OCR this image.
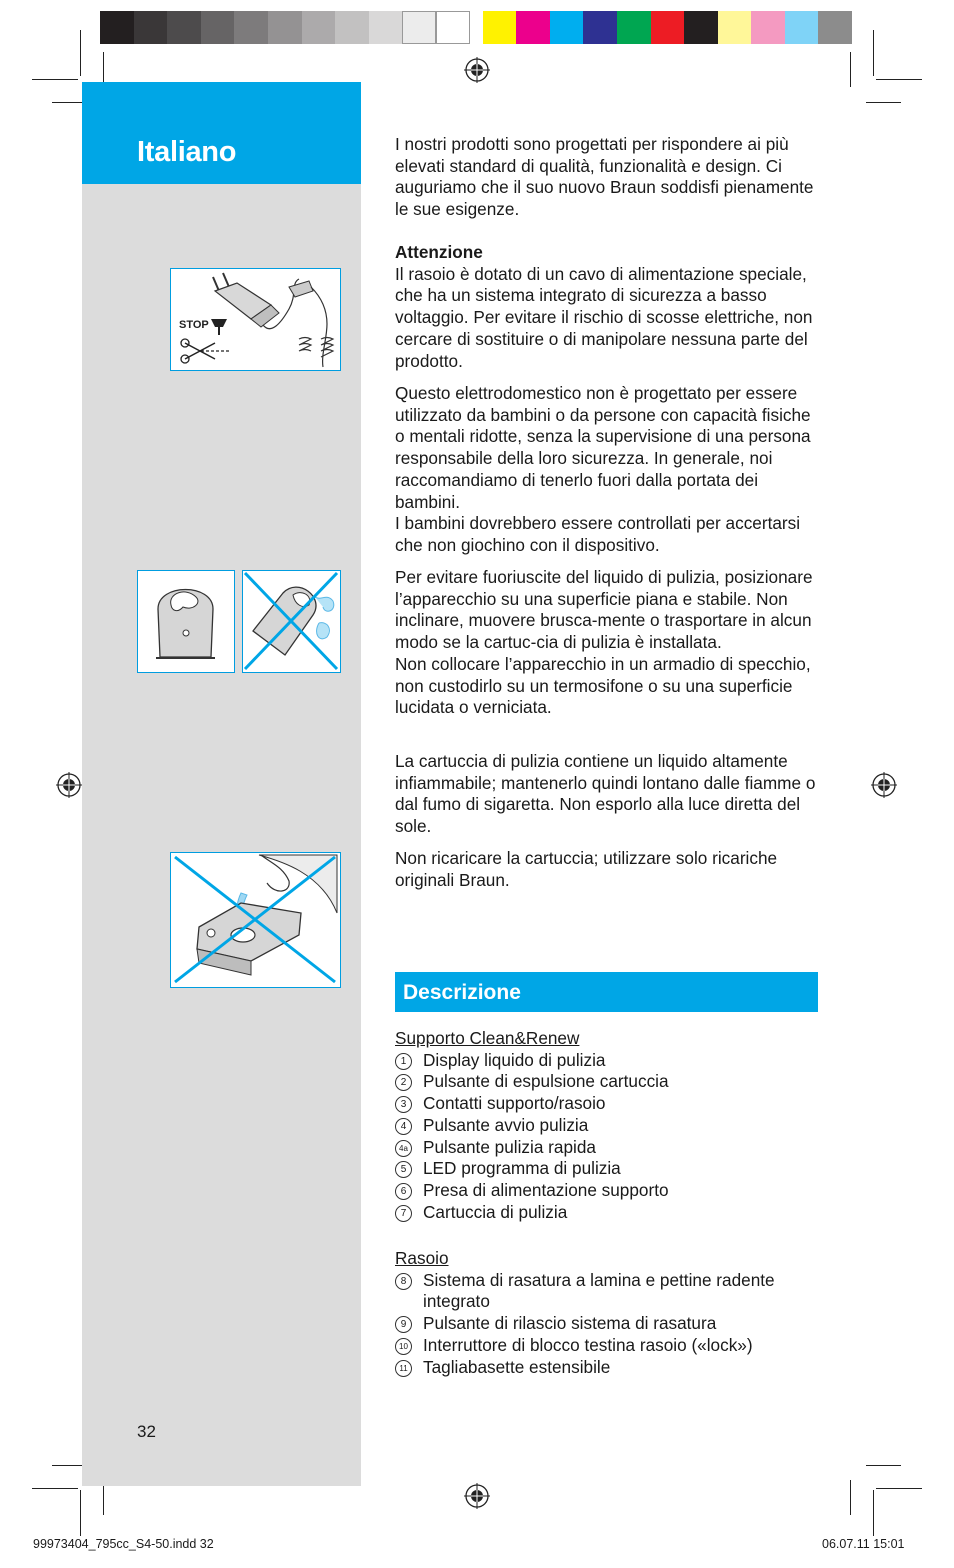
Italiano
STOP

I nostri prodotti sono progettati per rispondere ai più elevati standard di qualità, funzionalità e design. Ci auguriamo che il suo nuovo Braun soddisfi pienamente le sue esigenze.

Attenzione

Il rasoio è dotato di un cavo di alimentazione speciale, che ha un sistema integrato di sicurezza a basso voltaggio. Per evitare il rischio di scosse elettriche, non cercare di sostituire o di manipolare nessuna parte del prodotto.

Questo elettrodomestico non è progettato per essere utilizzato da bambini o da persone con capacità fisiche o mentali ridotte, senza la supervisione di una persona responsabile della loro sicurezza. In generale, noi raccomandiamo di tenerlo fuori dalla portata dei bambini.

I bambini dovrebbero essere controllati per accertarsi che non giochino con il dispositivo.

Per evitare fuoriuscite del liquido di pulizia, posizionare l’apparecchio su una superficie piana e stabile. Non inclinare, muovere brusca-mente o trasportare in alcun modo se la cartuc-cia di pulizia è installata.

Non collocare l’apparecchio in un armadio di specchio, non custodirlo su un termosifone o su una superficie lucidata o verniciata.

La cartuccia di pulizia contiene un liquido altamente infiammabile; mantenerlo quindi lontano dalle fiamme o dal fumo di sigaretta. Non esporlo alla luce diretta del sole.

Non ricaricare la cartuccia; utilizzare solo ricariche originali Braun.

Descrizione
Supporto Clean&Renew
1 Display liquido di pulizia
2 Pulsante di espulsione cartuccia
3 Contatti supporto/rasoio
4 Pulsante avvio pulizia
4a Pulsante pulizia rapida
5 LED programma di pulizia
6 Presa di alimentazione supporto
7 Cartuccia di pulizia
Rasoio
8 Sistema di rasatura a lamina e pettine radente integrato
9 Pulsante di rilascio sistema di rasatura
10 Interruttore di blocco testina rasoio («lock»)
11 Tagliabasette estensibile
32
99973404_795cc_S4-50.indd 32	06.07.11 15:01
